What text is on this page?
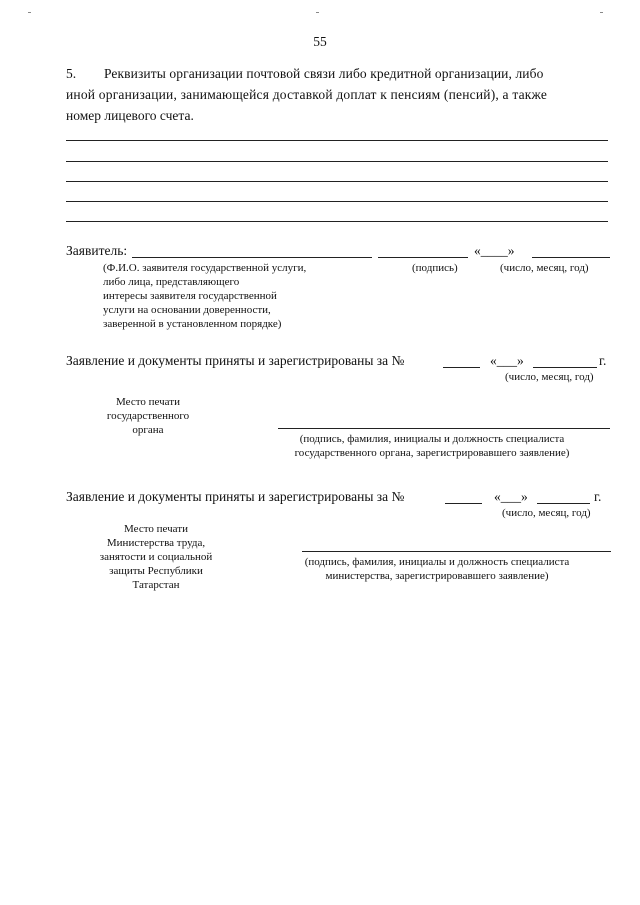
55
5. Реквизиты организации почтовой связи либо кредитной организации, либо
иной организации, занимающейся доставкой доплат к пенсиям (пенсий), а также
номер лицевого счета.
Заявитель:	«____»
(Ф.И.О. заявителя государственной услуги,
либо лица, представляющего
интересы заявителя государственной
услуги на основании доверенности,
заверенной в установленном порядке)
(подпись)	(число, месяц, год)
Заявление и документы приняты и зарегистрированы за №	«___»	г.
(число, месяц, год)
Место печати
государственного
органа
(подпись, фамилия, инициалы и должность специалиста
государственного органа, зарегистрировавшего заявление)
Заявление и документы приняты и зарегистрированы за №	«___»	г.
(число, месяц, год)
Место печати
Министерства труда,
занятости и социальной
защиты Республики
Татарстан
(подпись, фамилия, инициалы и должность специалиста
министерства, зарегистрировавшего заявление)
